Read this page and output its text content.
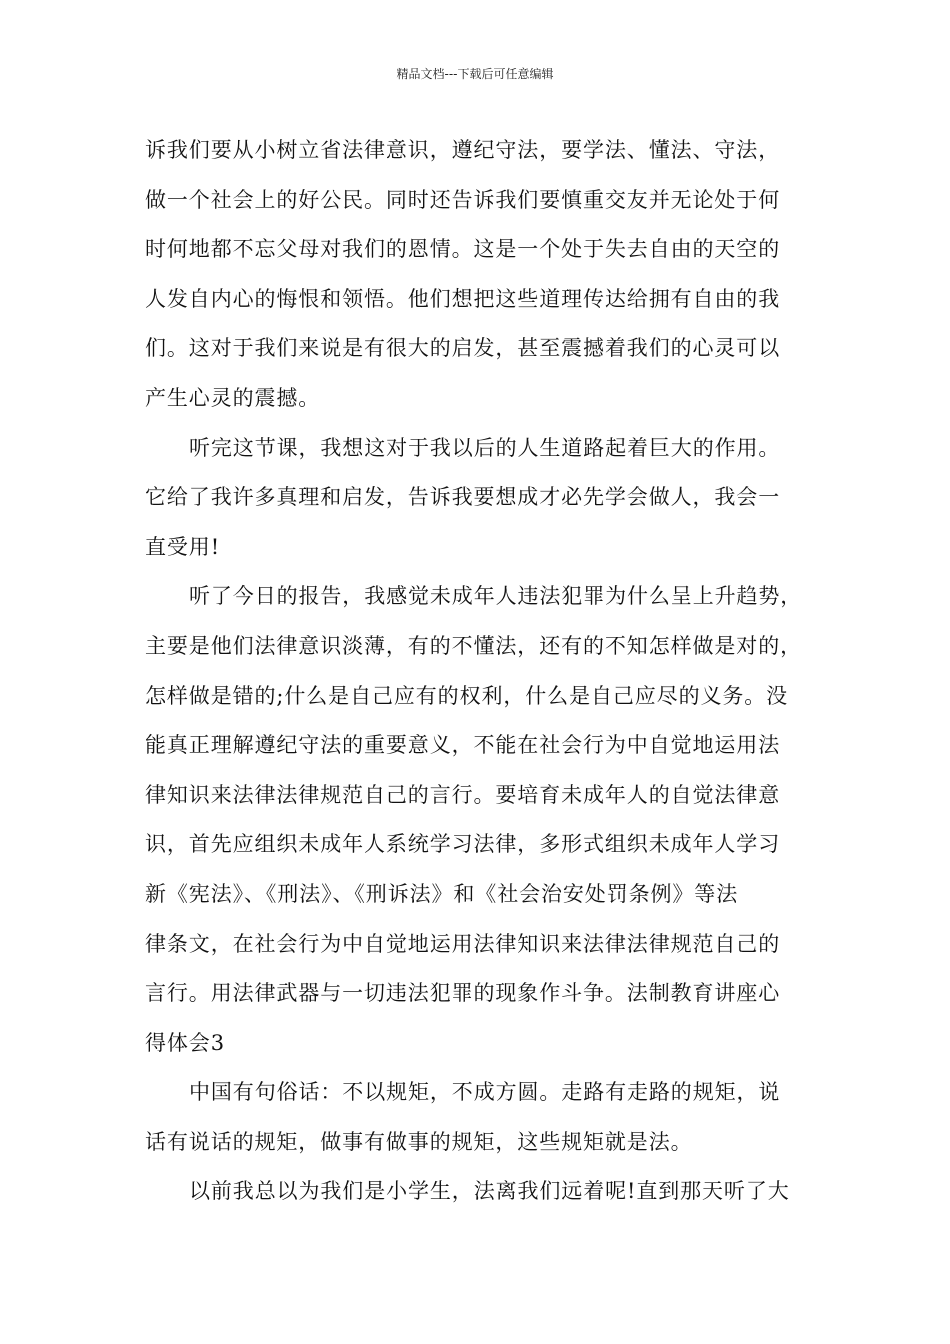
精品文档---下载后可任意编辑
诉我们要从小树立省法律意识，遵纪守法，要学法、懂法、守法，
做一个社会上的好公民。同时还告诉我们要慎重交友并无论处于何
时何地都不忘父母对我们的恩情。这是一个处于失去自由的天空的
人发自内心的悔恨和领悟。他们想把这些道理传达给拥有自由的我
们。这对于我们来说是有很大的启发，甚至震撼着我们的心灵可以
产生心灵的震撼。
听完这节课，我想这对于我以后的人生道路起着巨大的作用。
它给了我许多真理和启发，告诉我要想成才必先学会做人，我会一
直受用!
听了今日的报告，我感觉未成年人违法犯罪为什么呈上升趋势，
主要是他们法律意识淡薄，有的不懂法，还有的不知怎样做是对的，
怎样做是错的;什么是自己应有的权利，什么是自己应尽的义务。没
能真正理解遵纪守法的重要意义，不能在社会行为中自觉地运用法
律知识来法律法律规范自己的言行。要培育未成年人的自觉法律意
识，首先应组织未成年人系统学习法律，多形式组织未成年人学习
新《宪法》、《刑法》、《刑诉法》和《社会治安处罚条例》等法
律条文，在社会行为中自觉地运用法律知识来法律法律规范自己的
言行。用法律武器与一切违法犯罪的现象作斗争。法制教育讲座心
得体会3
中国有句俗话：不以规矩，不成方圆。走路有走路的规矩，说
话有说话的规矩，做事有做事的规矩，这些规矩就是法。
以前我总以为我们是小学生，法离我们远着呢!直到那天听了大
